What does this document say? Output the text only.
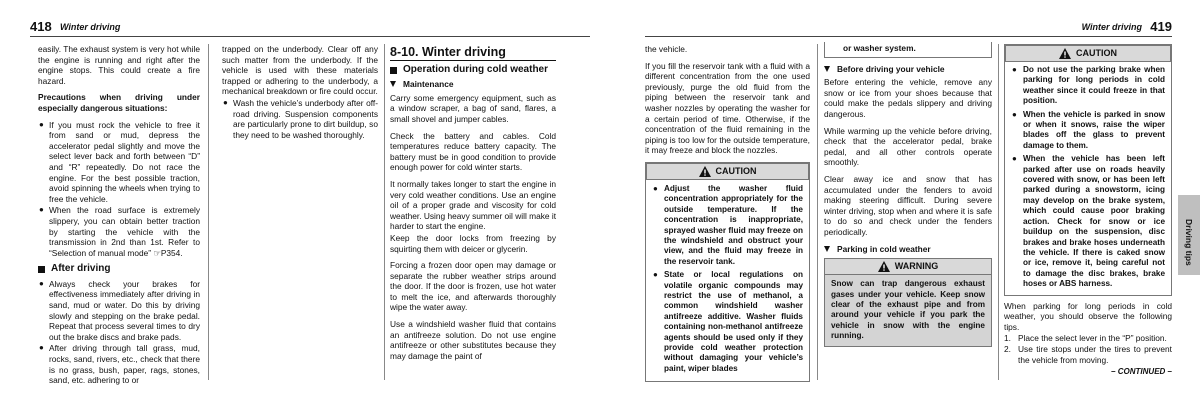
418 Winter driving

easily. The exhaust system is very hot while the engine is running and right after the engine stops. This could create a fire hazard.

Precautions when driving under especially dangerous situations:

● If you must rock the vehicle to free it from sand or mud, depress the accelerator pedal slightly and move the select lever back and forth between “D” and “R” repeatedly. Do not race the engine. For the best possible traction, avoid spinning the wheels when trying to free the vehicle.
● When the road surface is extremely slippery, you can obtain better traction by starting the vehicle with the transmission in 2nd than 1st. Refer to “Selection of manual mode” ☞P354.
After driving
● Always check your brakes for effectiveness immediately after driving in sand, mud or water. Do this by driving slowly and stepping on the brake pedal. Repeat that process several times to dry out the brake discs and brake pads.
● After driving through tall grass, mud, rocks, sand, rivers, etc., check that there is no grass, bush, paper, rags, stones, sand, etc. adhering to or

trapped on the underbody. Clear off any such matter from the underbody. If the vehicle is used with these materials trapped or adhering to the underbody, a mechanical breakdown or fire could occur.

● Wash the vehicle’s underbody after off-road driving. Suspension components are particularly prone to dirt buildup, so they need to be washed thoroughly.
8-10. Winter driving
Operation during cold weather
Maintenance

Carry some emergency equipment, such as a window scraper, a bag of sand, flares, a small shovel and jumper cables.

Check the battery and cables. Cold temperatures reduce battery capacity. The battery must be in good condition to provide enough power for cold winter starts.

It normally takes longer to start the engine in very cold weather conditions. Use an engine oil of a proper grade and viscosity for cold weather. Using heavy summer oil will make it harder to start the engine.

Keep the door locks from freezing by squirting them with deicer or glycerin.

Forcing a frozen door open may damage or separate the rubber weather strips around the door. If the door is frozen, use hot water to melt the ice, and afterwards thoroughly wipe the water away.

Use a windshield washer fluid that contains an antifreeze solution. Do not use engine antifreeze or other substitutes because they may damage the paint of

Winter driving 419

the vehicle.

If you fill the reservoir tank with a fluid with a different concentration from the one used previously, purge the old fluid from the piping between the reservoir tank and washer nozzles by operating the washer for a certain period of time. Otherwise, if the concentration of the fluid remaining in the piping is too low for the outside temperature, it may freeze and block the nozzles.

CAUTION
● Adjust the washer fluid concentration appropriately for the outside temperature. If the concentration is inappropriate, sprayed washer fluid may freeze on the windshield and obstruct your view, and the fluid may freeze in the reservoir tank.
● State or local regulations on volatile organic compounds may restrict the use of methanol, a common windshield washer antifreeze additive. Washer fluids containing non-methanol antifreeze agents should be used only if they provide cold weather protection without damaging your vehicle’s paint, wiper blades
or washer system.
Before driving your vehicle

Before entering the vehicle, remove any snow or ice from your shoes because that could make the pedals slippery and driving dangerous.

While warming up the vehicle before driving, check that the accelerator pedal, brake pedal, and all other controls operate smoothly.

Clear away ice and snow that has accumulated under the fenders to avoid making steering difficult. During severe winter driving, stop when and where it is safe to do so and check under the fenders periodically.

Parking in cold weather
WARNING
Snow can trap dangerous exhaust gases under your vehicle. Keep snow clear of the exhaust pipe and from around your vehicle if you park the vehicle in snow with the engine running.
CAUTION
● Do not use the parking brake when parking for long periods in cold weather since it could freeze in that position.
● When the vehicle is parked in snow or when it snows, raise the wiper blades off the glass to prevent damage to them.
● When the vehicle has been left parked after use on roads heavily covered with snow, or has been left parked during a snowstorm, icing may develop on the brake system, which could cause poor braking action. Check for snow or ice buildup on the suspension, disc brakes and brake hoses underneath the vehicle. If there is caked snow or ice, remove it, being careful not to damage the disc brakes, brake hoses or ABS harness.

When parking for long periods in cold weather, you should observe the following tips.

1. Place the select lever in the “P” position.
2. Use tire stops under the tires to prevent the vehicle from moving.
– CONTINUED –
Driving tips
